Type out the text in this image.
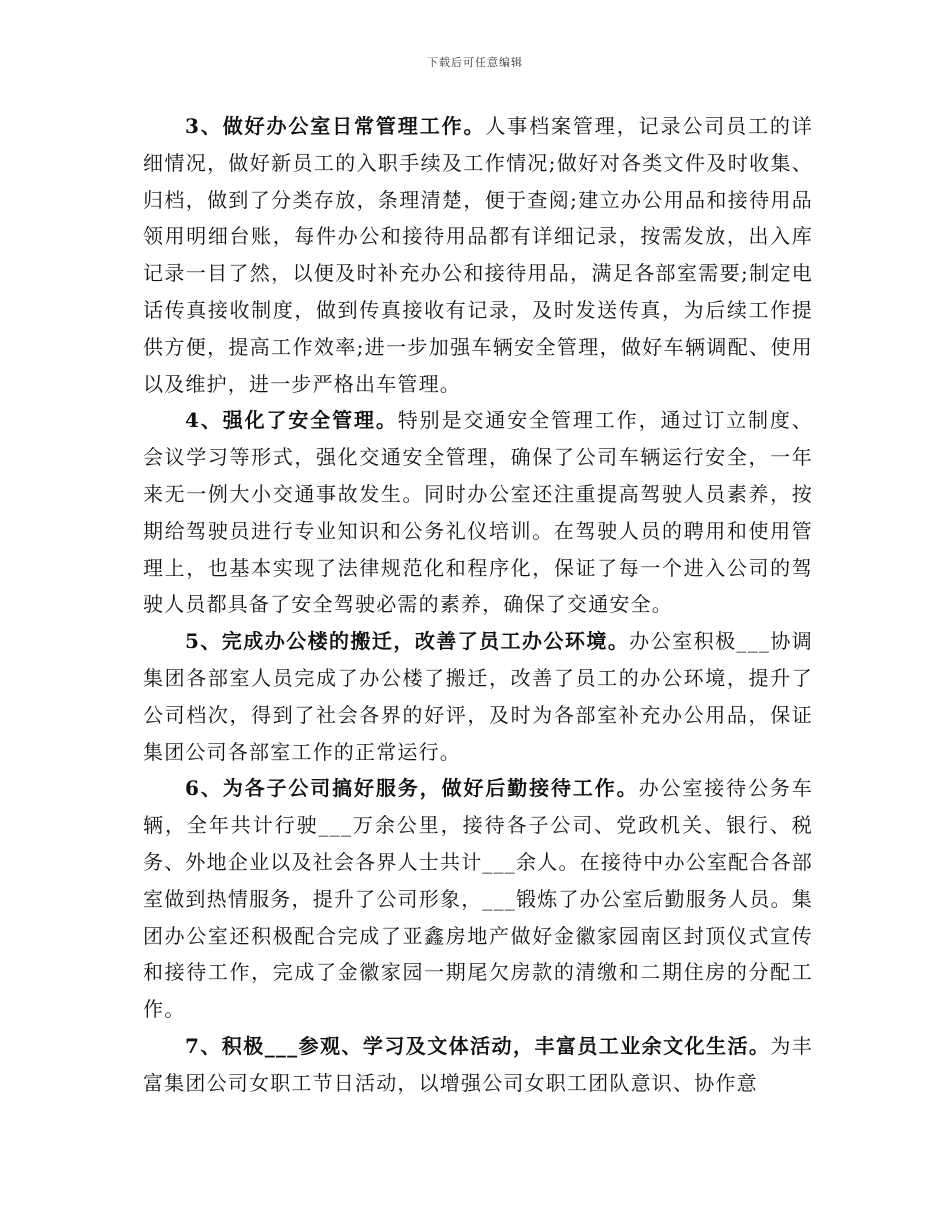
下载后可任意编辑

3、做好办公室日常管理工作。人事档案管理，记录公司员工的详细情况，做好新员工的入职手续及工作情况;做好对各类文件及时收集、归档，做到了分类存放，条理清楚，便于查阅;建立办公用品和接待用品领用明细台账，每件办公和接待用品都有详细记录，按需发放，出入库记录一目了然，以便及时补充办公和接待用品，满足各部室需要;制定电话传真接收制度，做到传真接收有记录，及时发送传真，为后续工作提供方便，提高工作效率;进一步加强车辆安全管理，做好车辆调配、使用以及维护，进一步严格出车管理。

4、强化了安全管理。特别是交通安全管理工作，通过订立制度、会议学习等形式，强化交通安全管理，确保了公司车辆运行安全，一年来无一例大小交通事故发生。同时办公室还注重提高驾驶人员素养，按期给驾驶员进行专业知识和公务礼仪培训。在驾驶人员的聘用和使用管理上，也基本实现了法律规范化和程序化，保证了每一个进入公司的驾驶人员都具备了安全驾驶必需的素养，确保了交通安全。

5、完成办公楼的搬迁，改善了员工办公环境。办公室积极___协调集团各部室人员完成了办公楼了搬迁，改善了员工的办公环境，提升了公司档次，得到了社会各界的好评，及时为各部室补充办公用品，保证集团公司各部室工作的正常运行。

6、为各子公司搞好服务，做好后勤接待工作。办公室接待公务车辆，全年共计行驶___万余公里，接待各子公司、党政机关、银行、税务、外地企业以及社会各界人士共计___余人。在接待中办公室配合各部室做到热情服务，提升了公司形象，___锻炼了办公室后勤服务人员。集团办公室还积极配合完成了亚鑫房地产做好金徽家园南区封顶仪式宣传和接待工作，完成了金徽家园一期尾欠房款的清缴和二期住房的分配工作。

7、积极___参观、学习及文体活动，丰富员工业余文化生活。为丰富集团公司女职工节日活动，以增强公司女职工团队意识、协作意
